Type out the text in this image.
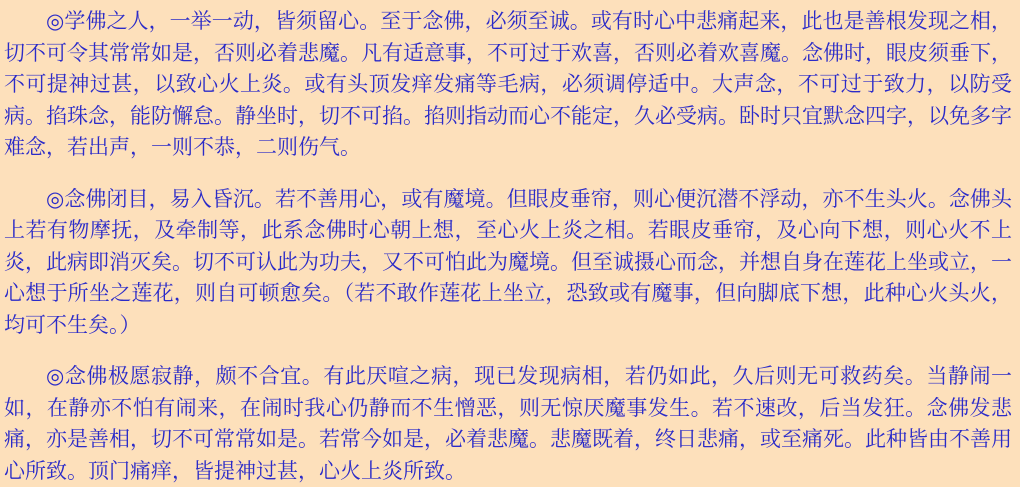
◎学佛之人，一举一动，皆须留心。至于念佛，必须至诚。或有时心中悲痛起来，此也是善根发现之相，切不可令其常常如是，否则必着悲魔。凡有适意事，不可过于欢喜，否则必着欢喜魔。念佛时，眼皮须垂下，不可提神过甚，以致心火上炎。或有头顶发痒发痛等毛病，必须调停适中。大声念，不可过于致力，以防受病。掐珠念，能防懈怠。静坐时，切不可掐。掐则指动而心不能定，久必受病。卧时只宜默念四字，以免多字难念，若出声，一则不恭，二则伤气。

◎念佛闭目，易入昏沉。若不善用心，或有魔境。但眼皮垂帘，则心便沉潜不浮动，亦不生头火。念佛头上若有物摩抚，及牵制等，此系念佛时心朝上想，至心火上炎之相。若眼皮垂帘，及心向下想，则心火不上炎，此病即消灭矣。切不可认此为功夫，又不可怕此为魔境。但至诚摄心而念，并想自身在莲花上坐或立，一心想于所坐之莲花，则自可顿愈矣。（若不敢作莲花上坐立，恐致或有魔事，但向脚底下想，此种心火头火，均可不生矣。）

◎念佛极愿寂静，颇不合宜。有此厌喧之病，现已发现病相，若仍如此，久后则无可救药矣。当静闹一如，在静亦不怕有闹来，在闹时我心仍静而不生憎恶，则无惊厌魔事发生。若不速改，后当发狂。念佛发悲痛，亦是善相，切不可常常如是。若常今如是，必着悲魔。悲魔既着，终日悲痛，或至痛死。此种皆由不善用心所致。顶门痛痒，皆提神过甚，心火上炎所致。
